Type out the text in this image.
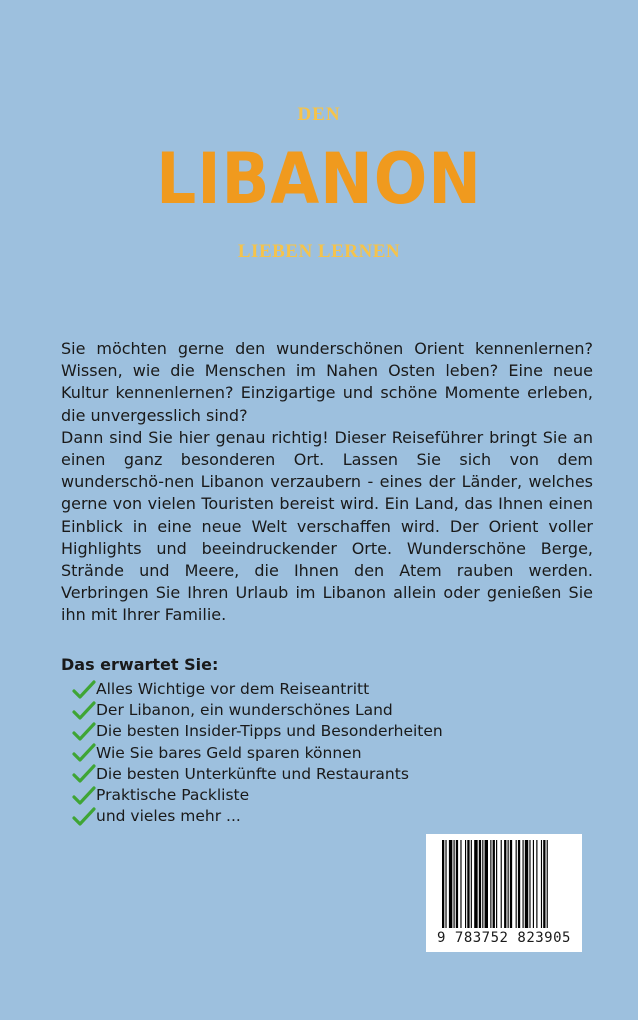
DEN
LIBANON
LIEBEN LERNEN

Sie möchten gerne den wunderschönen Orient kennenlernen? Wissen, wie die Menschen im Nahen Osten leben? Eine neue Kultur kennenlernen? Einzigartige und schöne Momente erleben, die unvergesslich sind?

Dann sind Sie hier genau richtig! Dieser Reiseführer bringt Sie an einen ganz besonderen Ort. Lassen Sie sich von dem wunderschö-nen Libanon verzaubern - eines der Länder, welches gerne von vielen Touristen bereist wird. Ein Land, das Ihnen einen Einblick in eine neue Welt verschaffen wird. Der Orient voller Highlights und beeindruckender Orte. Wunderschöne Berge, Strände und Meere, die Ihnen den Atem rauben werden. Verbringen Sie Ihren Urlaub im Libanon allein oder genießen Sie ihn mit Ihrer Familie.

Das erwartet Sie:
Alles Wichtige vor dem Reiseantritt
Der Libanon, ein wunderschönes Land
Die besten Insider-Tipps und Besonderheiten
Wie Sie bares Geld sparen können
Die besten Unterkünfte und Restaurants
Praktische Packliste
und vieles mehr ...
9 783752 823905
